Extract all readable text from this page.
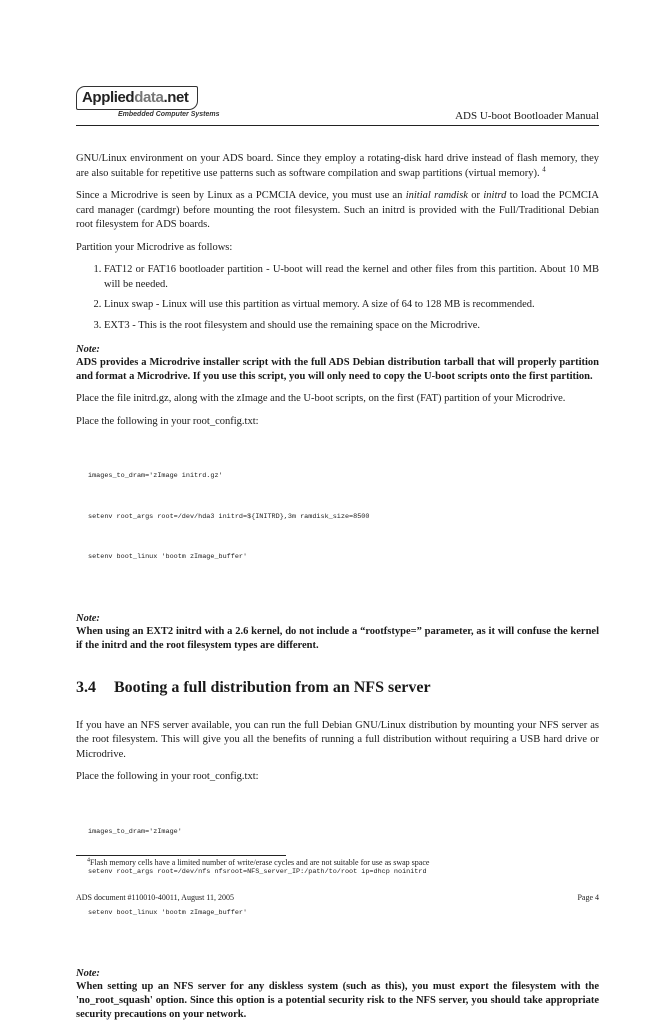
Applieddata.net
Embedded Computer Systems	ADS U-boot Bootloader Manual

GNU/Linux environment on your ADS board. Since they employ a rotating-disk hard drive instead of flash memory, they are also suitable for repetitive use patterns such as software compilation and swap partitions (virtual memory). $^4$

Since a Microdrive is seen by Linux as a PCMCIA device, you must use an initial ramdisk or initrd to load the PCMCIA card manager (cardmgr) before mounting the root filesystem. Such an initrd is provided with the Full/Traditional Debian root filesystem for ADS boards.

Partition your Microdrive as follows:

1. FAT12 or FAT16 bootloader partition - U-boot will read the kernel and other files from this partition. About 10 MB will be needed.
2. Linux swap - Linux will use this partition as virtual memory. A size of 64 to 128 MB is recommended.
3. EXT3 - This is the root filesystem and should use the remaining space on the Microdrive.
Note:
ADS provides a Microdrive installer script with the full ADS Debian distribution tarball that will properly partition and format a Microdrive. If you use this script, you will only need to copy the U-boot scripts onto the first partition.

Place the file initrd.gz, along with the zImage and the U-boot scripts, on the first (FAT) partition of your Microdrive.

Place the following in your root_config.txt:

images_to_dram='zImage initrd.gz'

setenv root_args root=/dev/hda3 initrd=${INITRD},3m ramdisk_size=8500

setenv boot_linux 'bootm zImage_buffer'

Note:
When using an EXT2 initrd with a 2.6 kernel, do not include a “rootfstype=” parameter, as it will confuse the kernel if the initrd and the root filesystem types are different.
3.4 Booting a full distribution from an NFS server

If you have an NFS server available, you can run the full Debian GNU/Linux distribution by mounting your NFS server as the root filesystem. This will give you all the benefits of running a full distribution without requiring a USB hard drive or Microdrive.

Place the following in your root_config.txt:

images_to_dram='zImage'

setenv root_args root=/dev/nfs nfsroot=NFS_server_IP:/path/to/root ip=dhcp noinitrd

setenv boot_linux 'bootm zImage_buffer'

Note:
When setting up an NFS server for any diskless system (such as this), you must export the filesystem with the 'no_root_squash' option. Since this option is a potential security risk to the NFS server, you should take appropriate security precautions on your network.
$^4$Flash memory cells have a limited number of write/erase cycles and are not suitable for use as swap space
ADS document #110010-40011, August 11, 2005	Page 4
